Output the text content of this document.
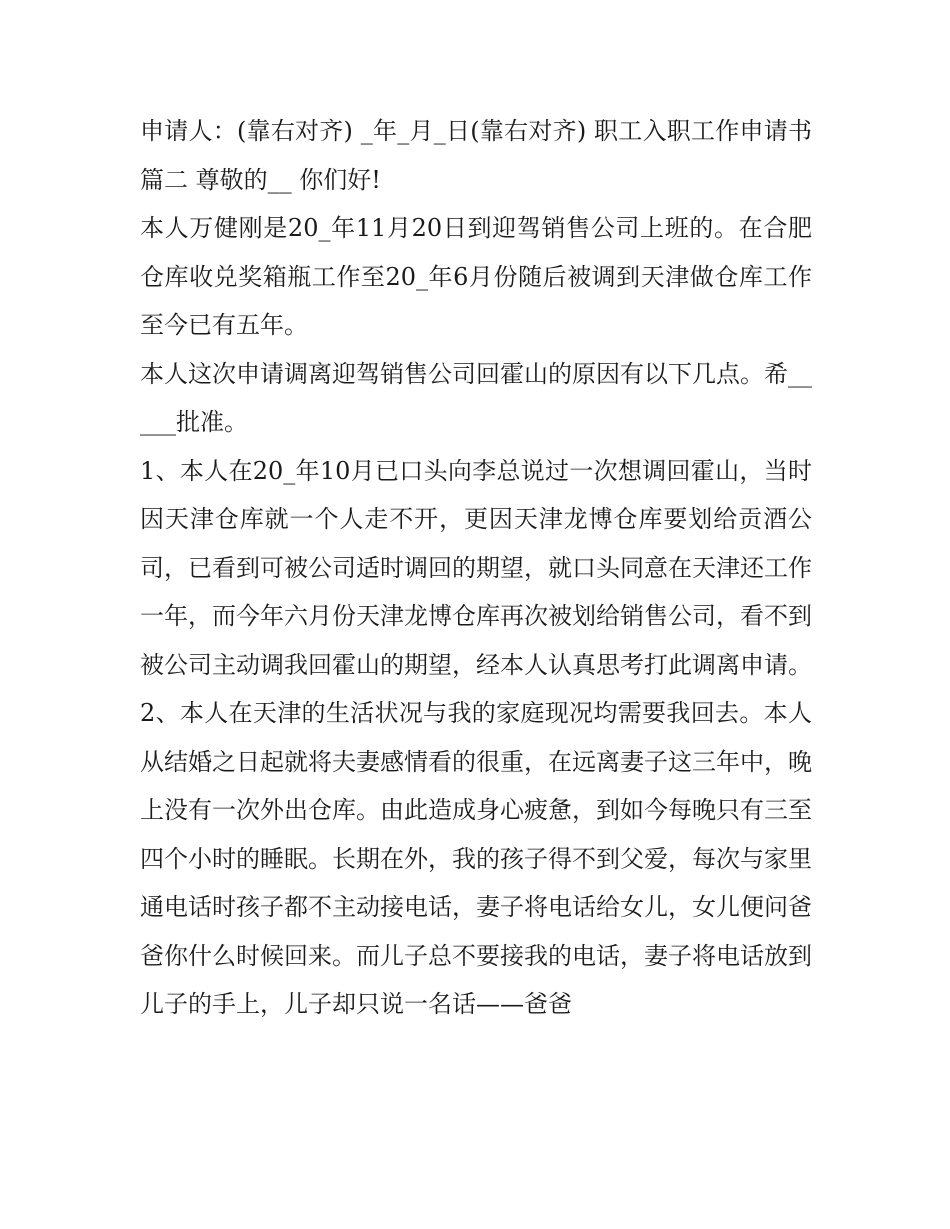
申请人：(靠右对齐) _年_月_日(靠右对齐) 职工入职工作申请书篇二 尊敬的__ 你们好!

本人万健刚是20_年11月20日到迎驾销售公司上班的。在合肥仓库收兑奖箱瓶工作至20_年6月份随后被调到天津做仓库工作至今已有五年。

本人这次申请调离迎驾销售公司回霍山的原因有以下几点。希_____批准。

1、本人在20_年10月已口头向李总说过一次想调回霍山，当时因天津仓库就一个人走不开，更因天津龙博仓库要划给贡酒公司，已看到可被公司适时调回的期望，就口头同意在天津还工作一年，而今年六月份天津龙博仓库再次被划给销售公司，看不到被公司主动调我回霍山的期望，经本人认真思考打此调离申请。

2、本人在天津的生活状况与我的家庭现况均需要我回去。本人从结婚之日起就将夫妻感情看的很重，在远离妻子这三年中，晚上没有一次外出仓库。由此造成身心疲惫，到如今每晚只有三至四个小时的睡眠。长期在外，我的孩子得不到父爱，每次与家里通电话时孩子都不主动接电话，妻子将电话给女儿，女儿便问爸爸你什么时候回来。而儿子总不要接我的电话，妻子将电话放到儿子的手上，儿子却只说一名话——爸爸
